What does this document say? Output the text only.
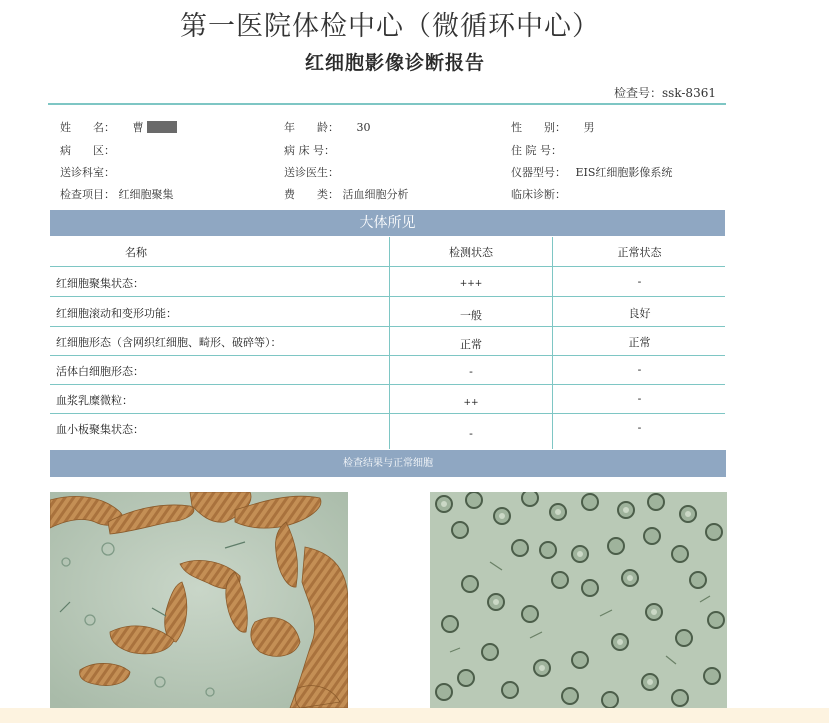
第一医院体检中心（微循环中心）
红细胞影像诊断报告
检查号：ssk-8361
姓　　名： 曹	年　　龄： 30	性　　别： 男
病　　区：	病 床 号：	住 院 号：
送诊科室：	送诊医生：	仪器型号： EIS红细胞影像系统
检查项目： 红细胞聚集	费　　类： 活血细胞分析	临床诊断：
大体所见
名称	检测状态	正常状态
红细胞聚集状态：	+++	-
红细胞滚动和变形功能：	一般	良好
红细胞形态（含网织红细胞、畸形、破碎等）：	正常	正常
活体白细胞形态：	-	-
血浆乳糜微粒：	++	-
血小板聚集状态：	-	-
检查结果与正常细胞
